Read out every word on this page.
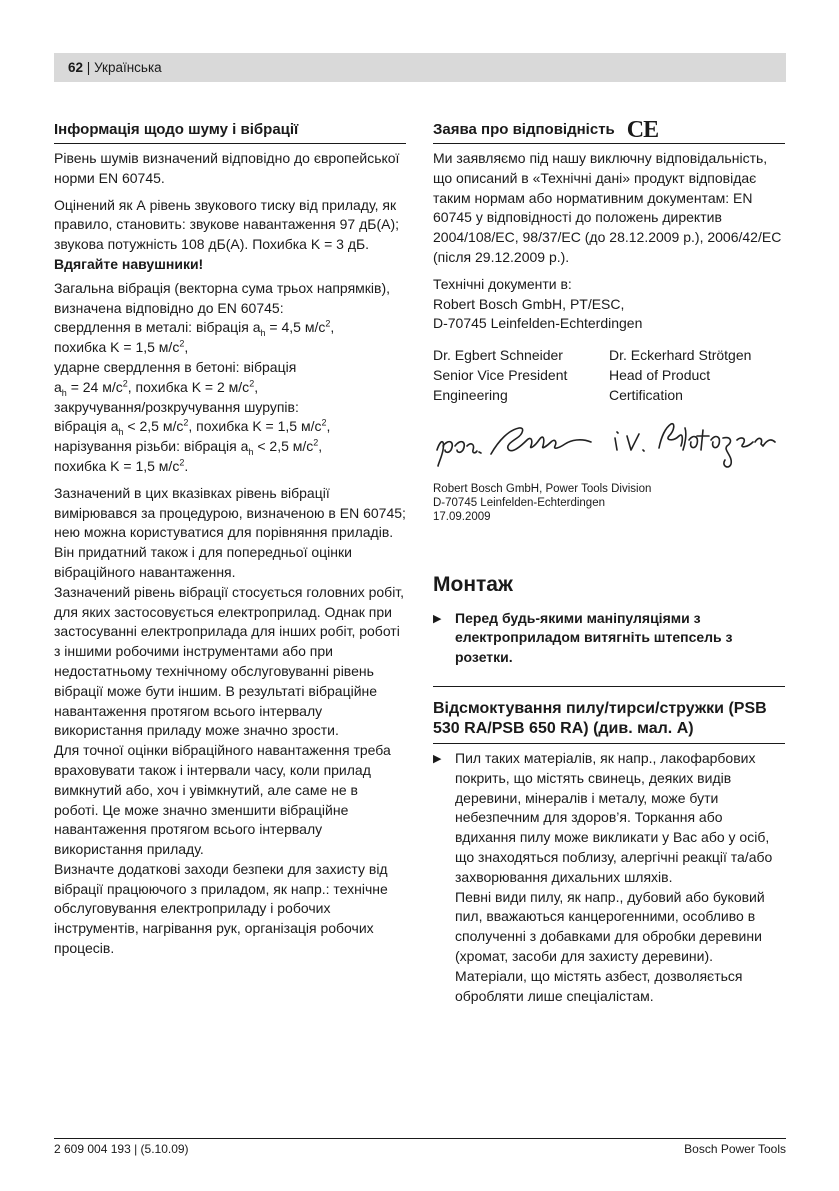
62 | Українська
Інформація щодо шуму і вібрації
Рівень шумів визначений відповідно до європейської норми EN 60745.
Оцінений як А рівень звукового тиску від приладу, як правило, становить: звукове навантаження 97 дБ(А); звукова потужність 108 дБ(А). Похибка K = 3 дБ.
Вдягайте навушники!
Загальна вібрація (векторна сума трьох напрямків), визначена відповідно до EN 60745:
свердлення в металі: вібрація $a_h = 4,5$ $м/с^2$,
похибка K = 1,5 $м/с^2$,
ударне свердлення в бетоні: вібрація
$a_h = 24$ $м/с^2$, похибка K = 2 $м/с^2$,
закручування/розкручування шурупів:
вібрація $a_h < 2,5$ $м/с^2$, похибка K = 1,5 $м/с^2$,
нарізування різьби: вібрація $a_h < 2,5$ $м/с^2$,
похибка K = 1,5 $м/с^2$.
Зазначений в цих вказівках рівень вібрації вимірювався за процедурою, визначеною в EN 60745; нею можна користуватися для порівняння приладів. Він придатний також і для попередньої оцінки вібраційного навантаження.
Зазначений рівень вібрації стосується головних робіт, для яких застосовується електроприлад. Однак при застосуванні електроприлада для інших робіт, роботі з іншими робочими інструментами або при недостатньому технічному обслуговуванні рівень вібрації може бути іншим. В результаті вібраційне навантаження протягом всього інтервалу використання приладу може значно зрости.
Для точної оцінки вібраційного навантаження треба враховувати також і інтервали часу, коли прилад вимкнутий або, хоч і увімкнутий, але саме не в роботі. Це може значно зменшити вібраційне навантаження протягом всього інтервалу використання приладу.
Визначте додаткові заходи безпеки для захисту від вібрації працюючого з приладом, як напр.: технічне обслуговування електроприладу і робочих інструментів, нагрівання рук, організація робочих процесів.
Заява про відповідність CE
Ми заявляємо під нашу виключну відповідальність, що описаний в «Технічні дані» продукт відповідає таким нормам або нормативним документам: EN 60745 у відповідності до положень директив 2004/108/EC, 98/37/EC (до 28.12.2009 р.), 2006/42/EC (після 29.12.2009 р.).
Технічні документи в:
Robert Bosch GmbH, PT/ESC,
D-70745 Leinfelden-Echterdingen
Dr. Egbert Schneider
Senior Vice President
Engineering
Dr. Eckerhard Strötgen
Head of Product
Certification
Robert Bosch GmbH, Power Tools Division
D-70745 Leinfelden-Echterdingen
17.09.2009
Монтаж
▶ Перед будь-якими маніпуляціями з електроприладом витягніть штепсель з розетки.
Відсмоктування пилу/тирси/стружки (PSB 530 RA/PSB 650 RA) (див. мал. A)
▶ Пил таких матеріалів, як напр., лакофарбових покрить, що містять свинець, деяких видів деревини, мінералів і металу, може бути небезпечним для здоров’я. Торкання або вдихання пилу може викликати у Вас або у осіб, що знаходяться поблизу, алергічні реакції та/або захворювання дихальних шляхів.
Певні види пилу, як напр., дубовий або буковий пил, вважаються канцерогенними, особливо в сполученні з добавками для обробки деревини (хромат, засоби для захисту деревини). Матеріали, що містять азбест, дозволяється обробляти лише спеціалістам.
2 609 004 193 | (5.10.09)	Bosch Power Tools
